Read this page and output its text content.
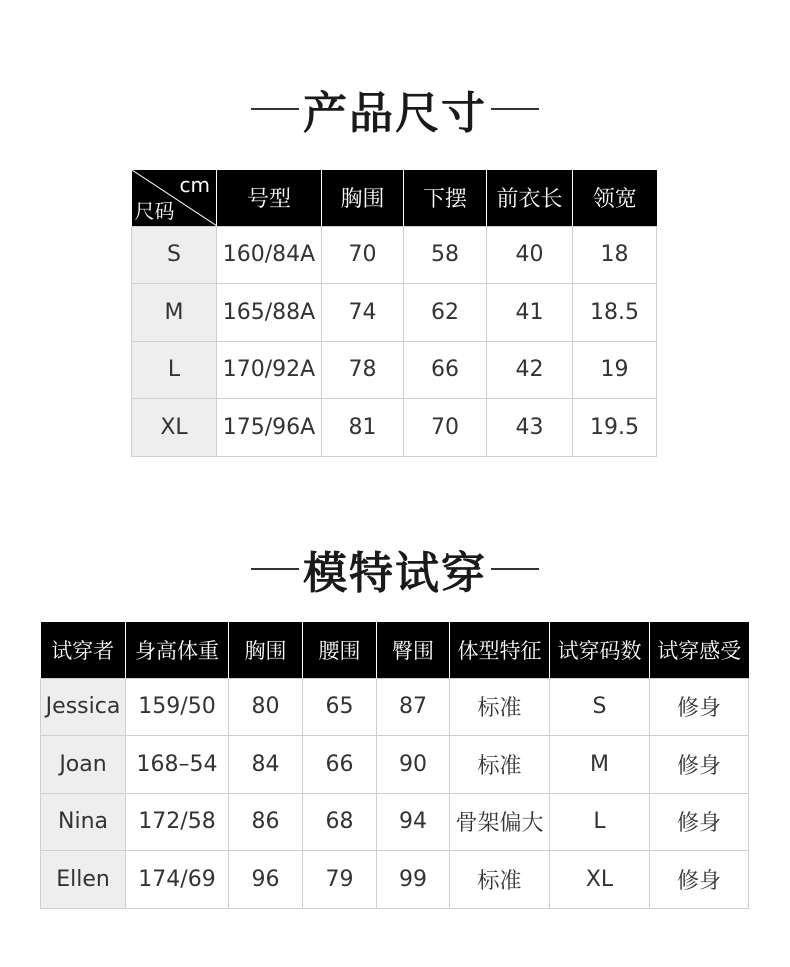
产品尺寸
cm
尺码	号型	胸围	下摆	前衣长	领宽
S	160/84A	70	58	40	18
M	165/88A	74	62	41	18.5
L	170/92A	78	66	42	19
XL	175/96A	81	70	43	19.5
模特试穿
试穿者	身高体重	胸围	腰围	臀围	体型特征	试穿码数	试穿感受
Jessica	159/50	80	65	87	标准	S	修身
Joan	168–54	84	66	90	标准	M	修身
Nina	172/58	86	68	94	骨架偏大	L	修身
Ellen	174/69	96	79	99	标准	XL	修身
